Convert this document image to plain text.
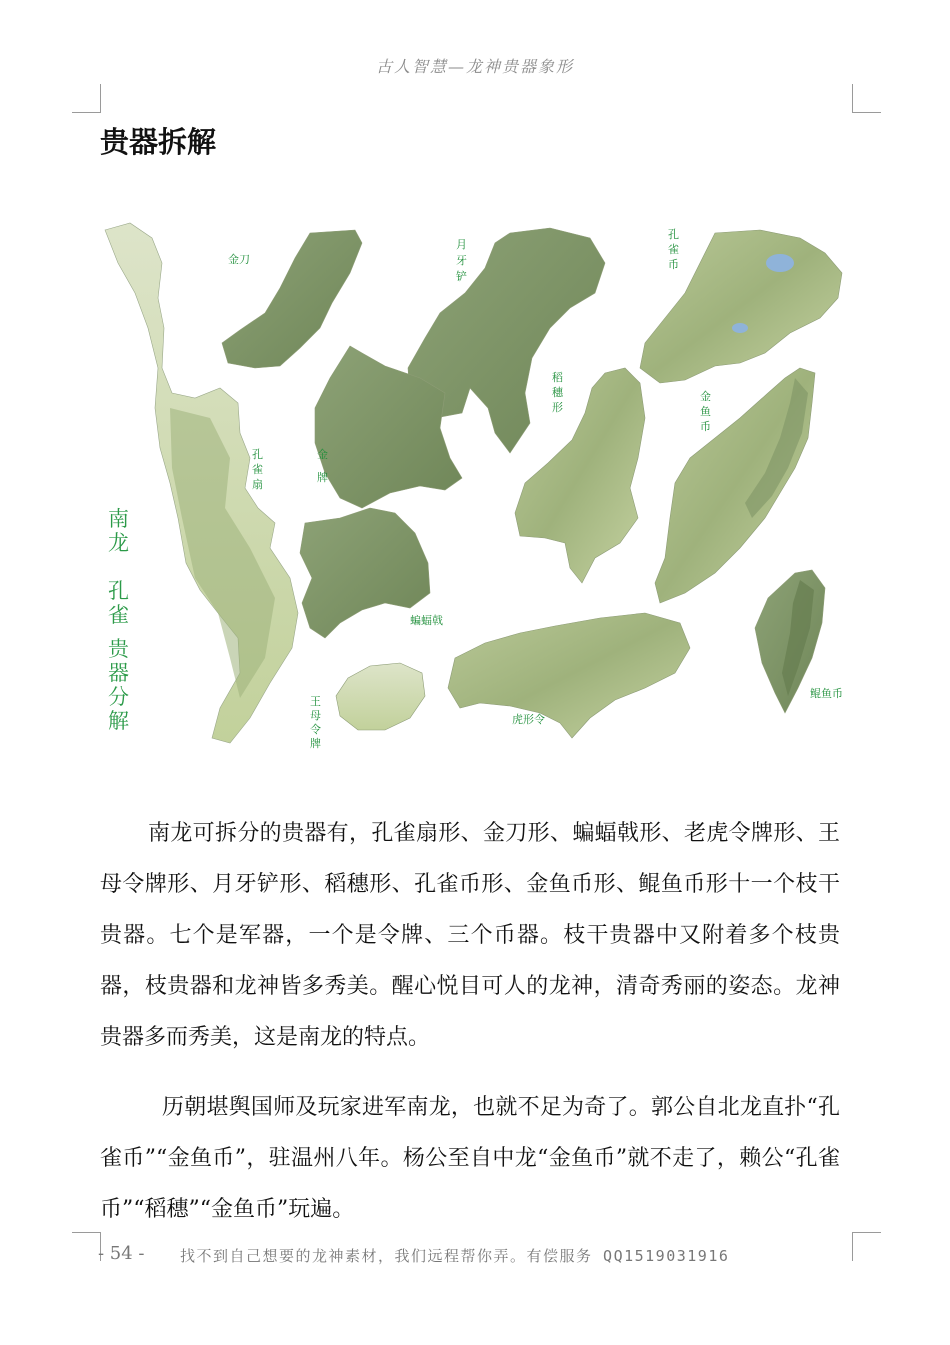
古人智慧—龙神贵器象形
贵器拆解
金刀
月
牙
铲
孔
雀
币
孔
雀
扇
金
牌
稻
穗
形
金
鱼
币
蝙蝠戟
王
母
令
牌
虎形令
鲲鱼币
南
龙
孔
雀
贵
器
分
解

南龙可拆分的贵器有，孔雀扇形、金刀形、蝙蝠戟形、老虎令牌形、王母令牌形、月牙铲形、稻穗形、孔雀币形、金鱼币形、鲲鱼币形十一个枝干贵器。七个是军器，一个是令牌、三个币器。枝干贵器中又附着多个枝贵器，枝贵器和龙神皆多秀美。醒心悦目可人的龙神，清奇秀丽的姿态。龙神贵器多而秀美，这是南龙的特点。

历朝堪舆国师及玩家进军南龙，也就不足为奇了。郭公自北龙直扑“孔雀币”“金鱼币”，驻温州八年。杨公至自中龙“金鱼币”就不走了，赖公“孔雀币”“稻穗”“金鱼币”玩遍。

- 54 - 找不到自己想要的龙神素材，我们远程帮你弄。有偿服务 QQ1519031916
